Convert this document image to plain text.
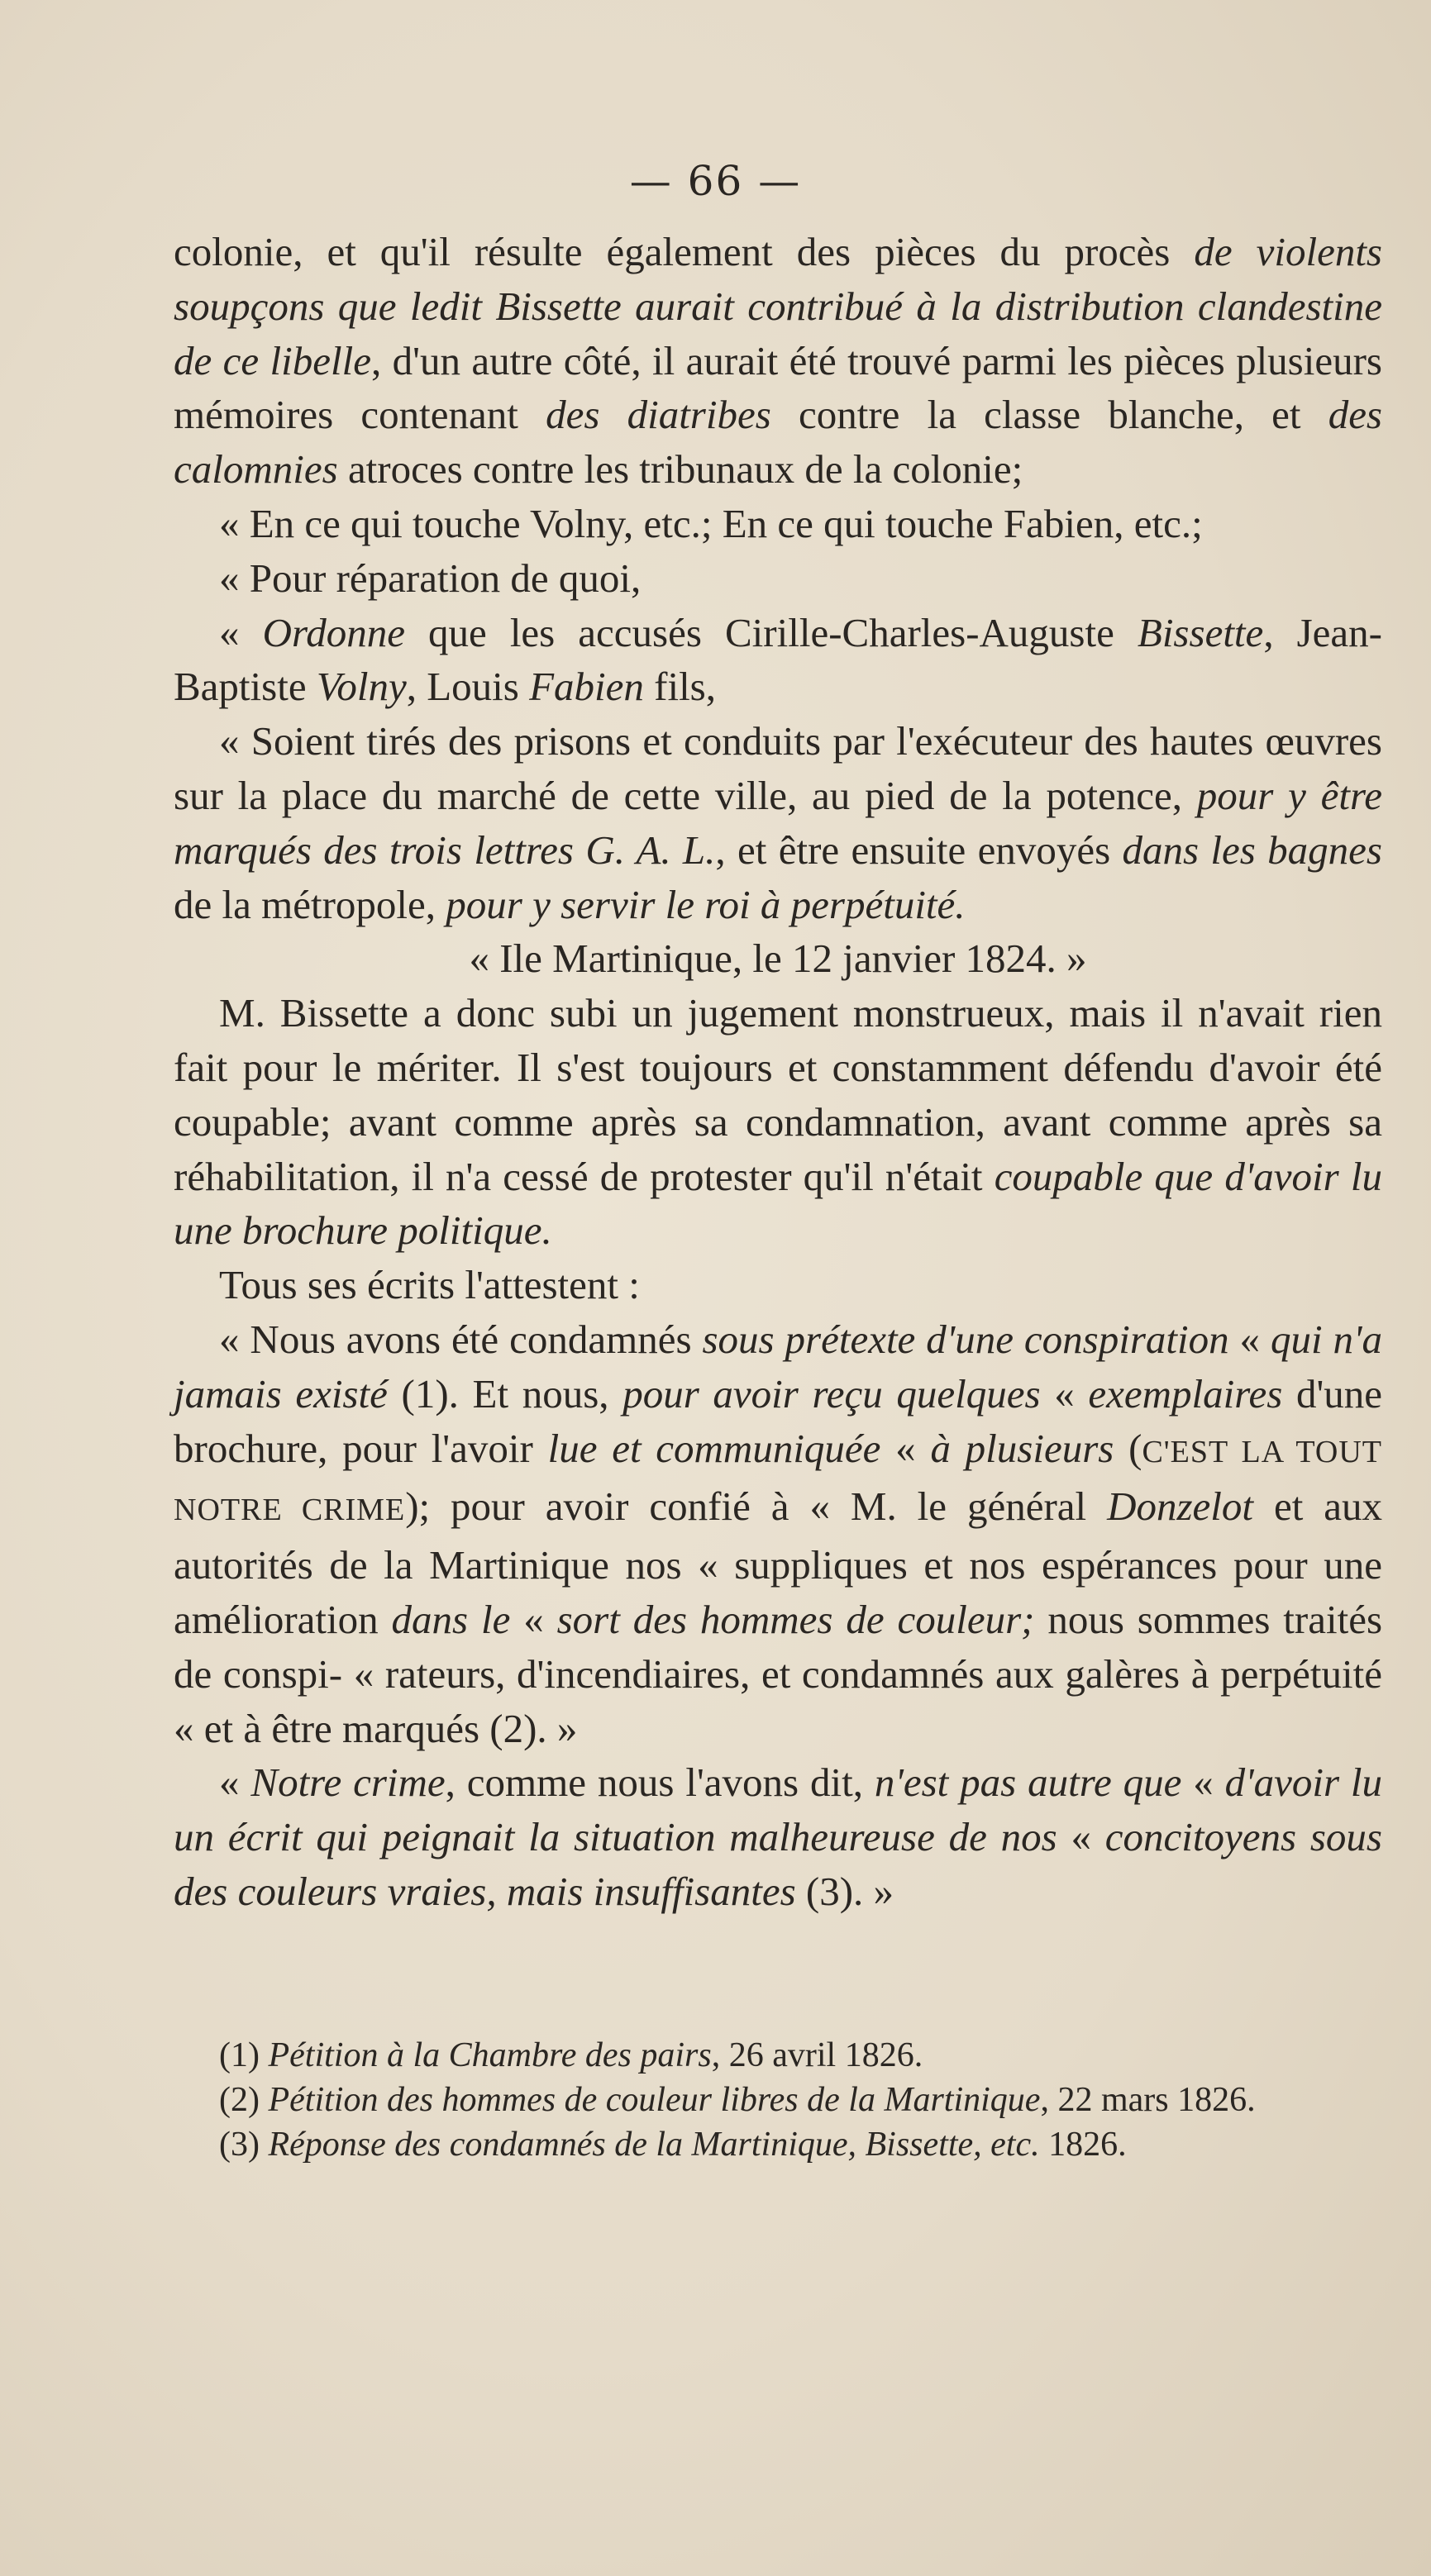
— 66 —

colonie, et qu'il résulte également des pièces du procès de violents soupçons que ledit Bissette aurait contribué à la distribution clandestine de ce libelle, d'un autre côté, il aurait été trouvé parmi les pièces plusieurs mémoires contenant des diatribes contre la classe blanche, et des calomnies atroces contre les tribunaux de la colonie;

« En ce qui touche Volny, etc.; En ce qui touche Fabien, etc.;

« Pour réparation de quoi,

« Ordonne que les accusés Cirille-Charles-Auguste Bissette, Jean-Baptiste Volny, Louis Fabien fils,

« Soient tirés des prisons et conduits par l'exécuteur des hautes œuvres sur la place du marché de cette ville, au pied de la potence, pour y être marqués des trois lettres G. A. L., et être ensuite envoyés dans les bagnes de la métropole, pour y servir le roi à perpétuité.

« Ile Martinique, le 12 janvier 1824. »

M. Bissette a donc subi un jugement monstrueux, mais il n'avait rien fait pour le mériter. Il s'est toujours et constamment défendu d'avoir été coupable; avant comme après sa condamnation, avant comme après sa réhabilitation, il n'a cessé de protester qu'il n'était coupable que d'avoir lu une brochure politique.

Tous ses écrits l'attestent :

« Nous avons été condamnés sous prétexte d'une conspiration « qui n'a jamais existé (1). Et nous, pour avoir reçu quelques « exemplaires d'une brochure, pour l'avoir lue et communiquée « à plusieurs (C'EST LA TOUT NOTRE CRIME); pour avoir confié à « M. le général Donzelot et aux autorités de la Martinique nos « suppliques et nos espérances pour une amélioration dans le « sort des hommes de couleur; nous sommes traités de conspi- « rateurs, d'incendiaires, et condamnés aux galères à perpétuité « et à être marqués (2). »

« Notre crime, comme nous l'avons dit, n'est pas autre que « d'avoir lu un écrit qui peignait la situation malheureuse de nos « concitoyens sous des couleurs vraies, mais insuffisantes (3). »

(1) Pétition à la Chambre des pairs, 26 avril 1826.

(2) Pétition des hommes de couleur libres de la Martinique, 22 mars 1826.

(3) Réponse des condamnés de la Martinique, Bissette, etc. 1826.
